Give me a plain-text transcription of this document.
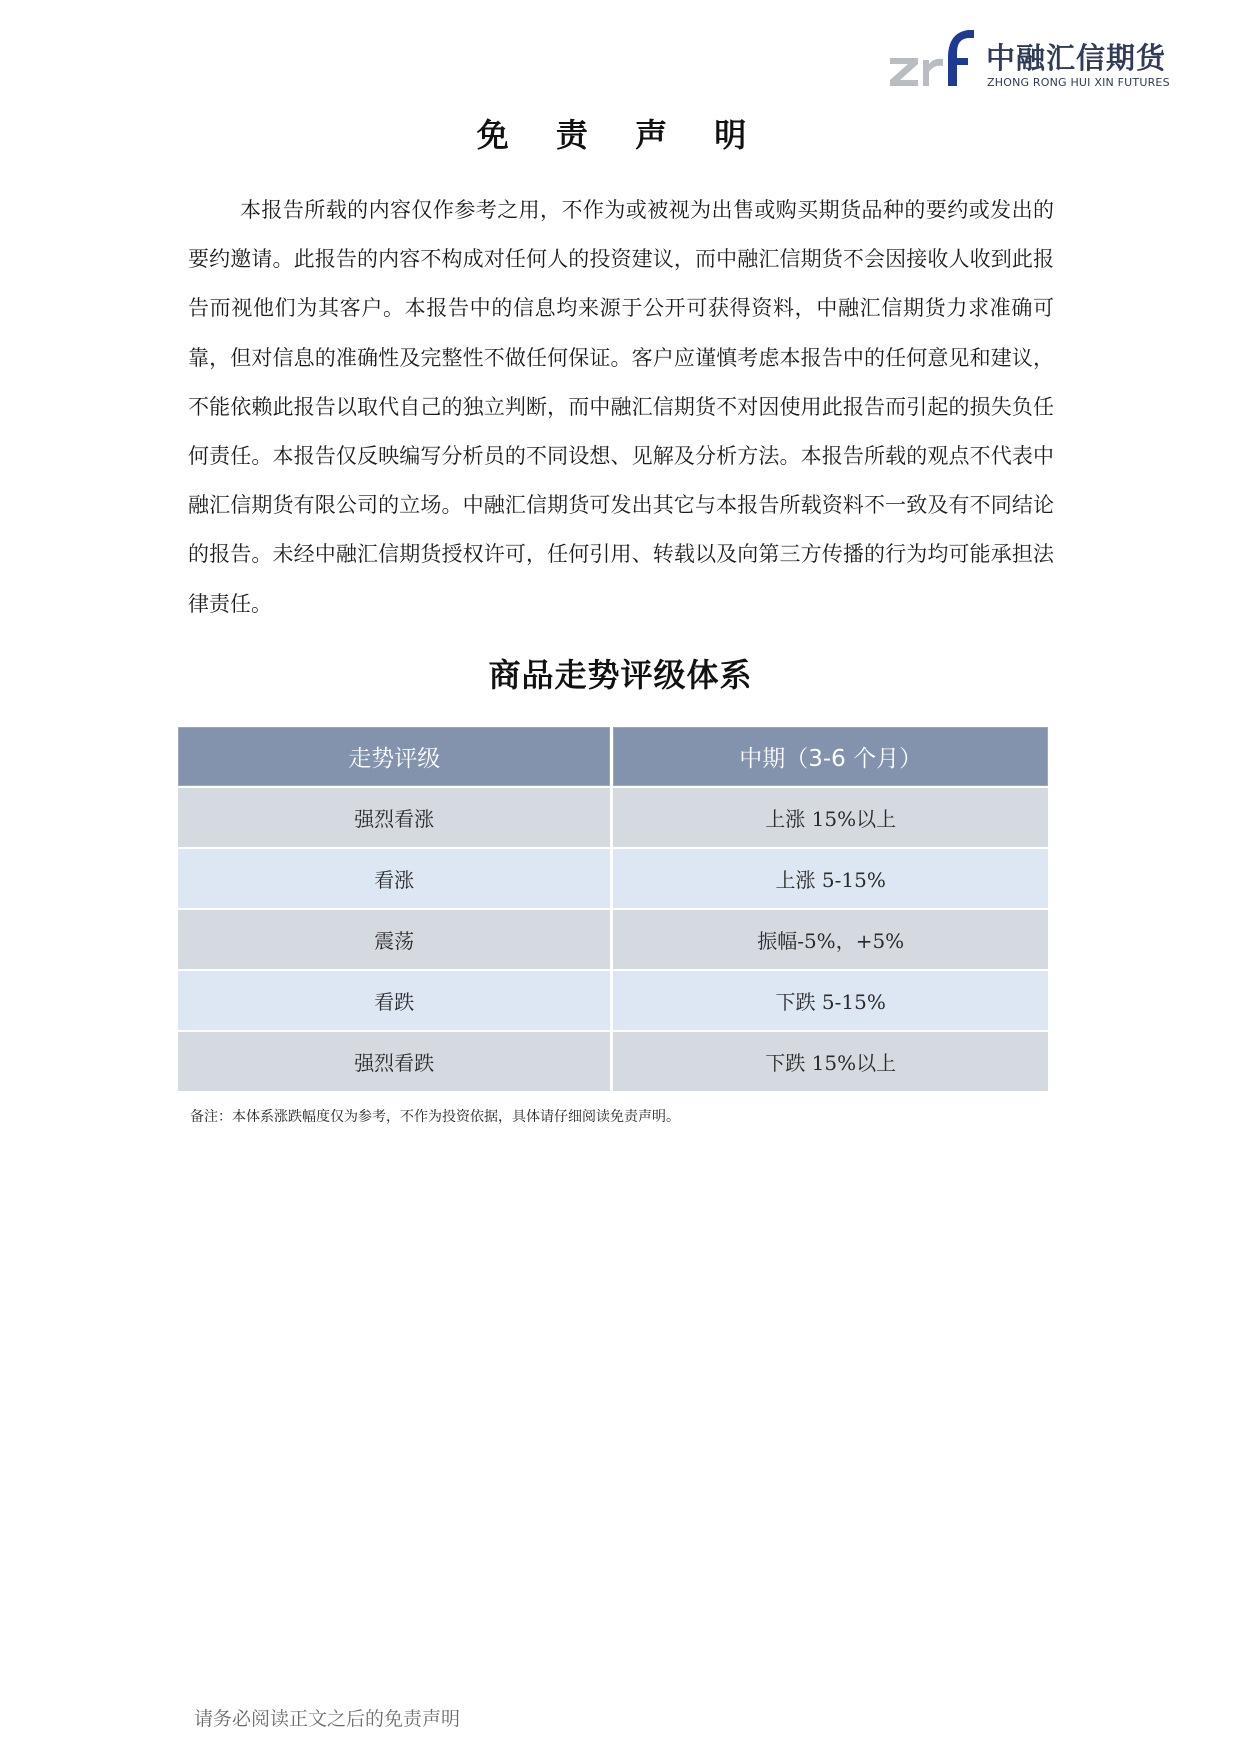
中融汇信期货
ZHONG RONG HUI XIN FUTURES
免 责 声 明

本报告所载的内容仅作参考之用，不作为或被视为出售或购买期货品种的要约或发出的要约邀请。此报告的内容不构成对任何人的投资建议，而中融汇信期货不会因接收人收到此报告而视他们为其客户。本报告中的信息均来源于公开可获得资料，中融汇信期货力求准确可靠，但对信息的准确性及完整性不做任何保证。客户应谨慎考虑本报告中的任何意见和建议，不能依赖此报告以取代自己的独立判断，而中融汇信期货不对因使用此报告而引起的损失负任何责任。本报告仅反映编写分析员的不同设想、见解及分析方法。本报告所载的观点不代表中融汇信期货有限公司的立场。中融汇信期货可发出其它与本报告所载资料不一致及有不同结论的报告。未经中融汇信期货授权许可，任何引用、转载以及向第三方传播的行为均可能承担法律责任。

商品走势评级体系
走势评级	中期（3-6 个月）
强烈看涨	上涨 15%以上
看涨	上涨 5-15%
震荡	振幅-5%，+5%
看跌	下跌 5-15%
强烈看跌	下跌 15%以上
备注：本体系涨跌幅度仅为参考，不作为投资依据，具体请仔细阅读免责声明。
请务必阅读正文之后的免责声明
